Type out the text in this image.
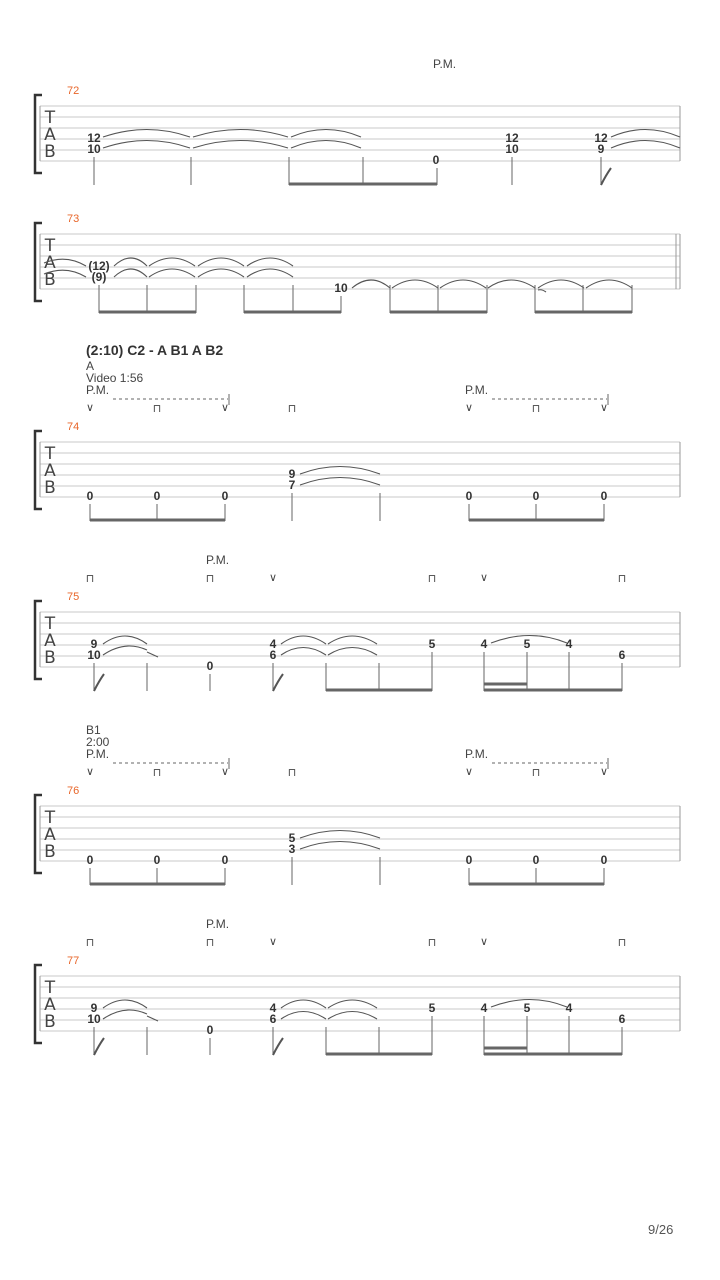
P.M.
72
T
A
B
12
10
0
12
10
12
9
73
T
A
B
(12)
(9)
10
P.M.
∨	⊓	∨	⊓
P.M.
∨	⊓	∨
74
T
A
B	0	0	0
9
7
0	0	0
P.M.
⊓	⊓	∨	⊓	∨	⊓
75
T
A
B
9
10
0
4
6
5	4	5	4
6
P.M.
∨	⊓	∨	⊓
P.M.
∨	⊓	∨
76
T
A
B	0	0	0
5
3
0	0	0
P.M.
⊓	⊓	∨	⊓	∨	⊓
77
T
A
B
9
10
0
4
6
5	4	5	4
6
(2:10) C2 - A B1 A B2
A
Video 1:56
B1
2:00
9/26
